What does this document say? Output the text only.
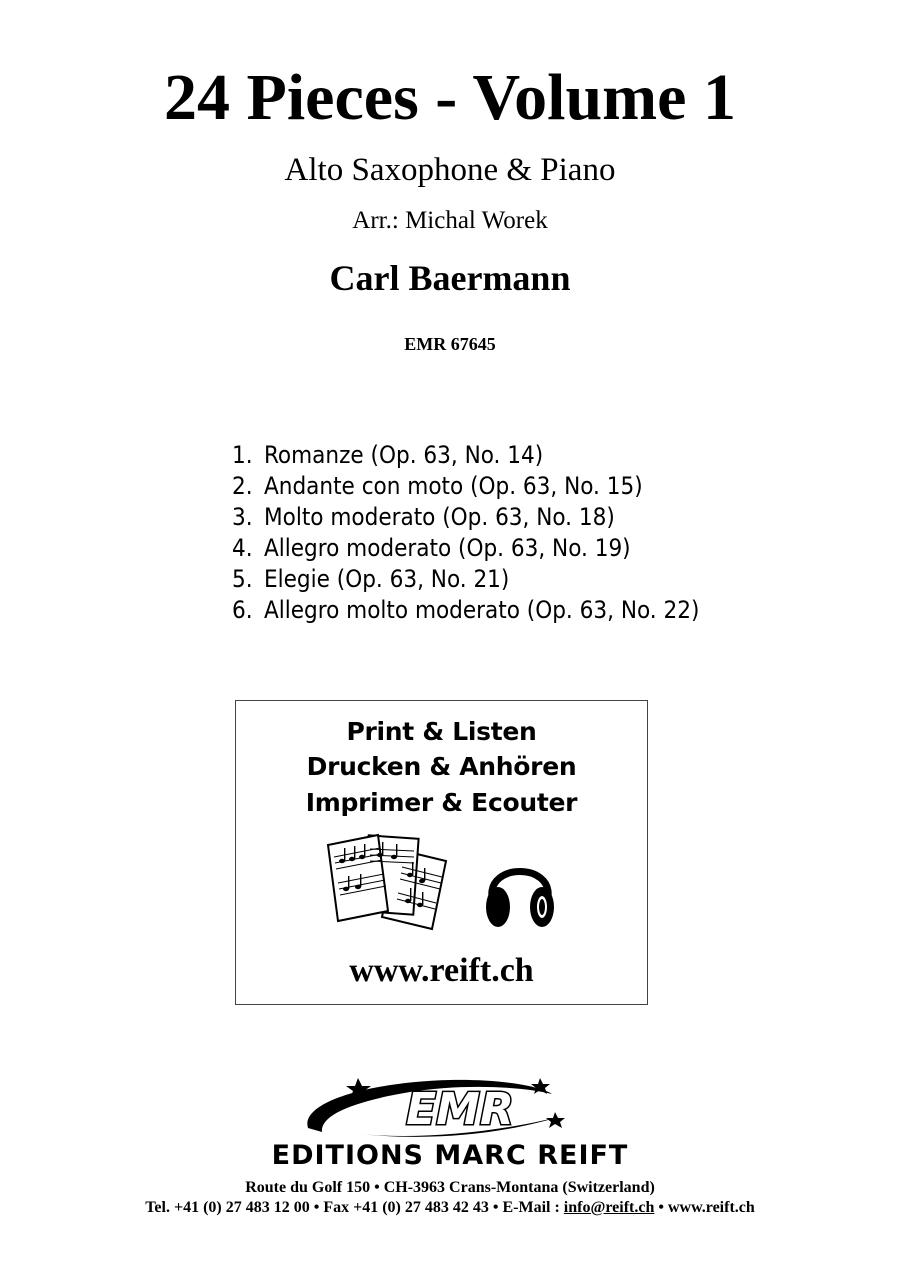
24 Pieces - Volume 1
Alto Saxophone & Piano
Arr.: Michal Worek
Carl Baermann
EMR 67645
1. Romanze (Op. 63, No. 14)
2. Andante con moto (Op. 63, No. 15)
3. Molto moderato (Op. 63, No. 18)
4. Allegro moderato (Op. 63, No. 19)
5. Elegie (Op. 63, No. 21)
6. Allegro molto moderato (Op. 63, No. 22)
Print & Listen
Drucken & Anhören
Imprimer & Ecouter
www.reift.ch
EMR
EDITIONS MARC REIFT
Route du Golf 150 • CH-3963 Crans-Montana (Switzerland)
Tel. +41 (0) 27 483 12 00 • Fax +41 (0) 27 483 42 43 • E-Mail : info@reift.ch • www.reift.ch
